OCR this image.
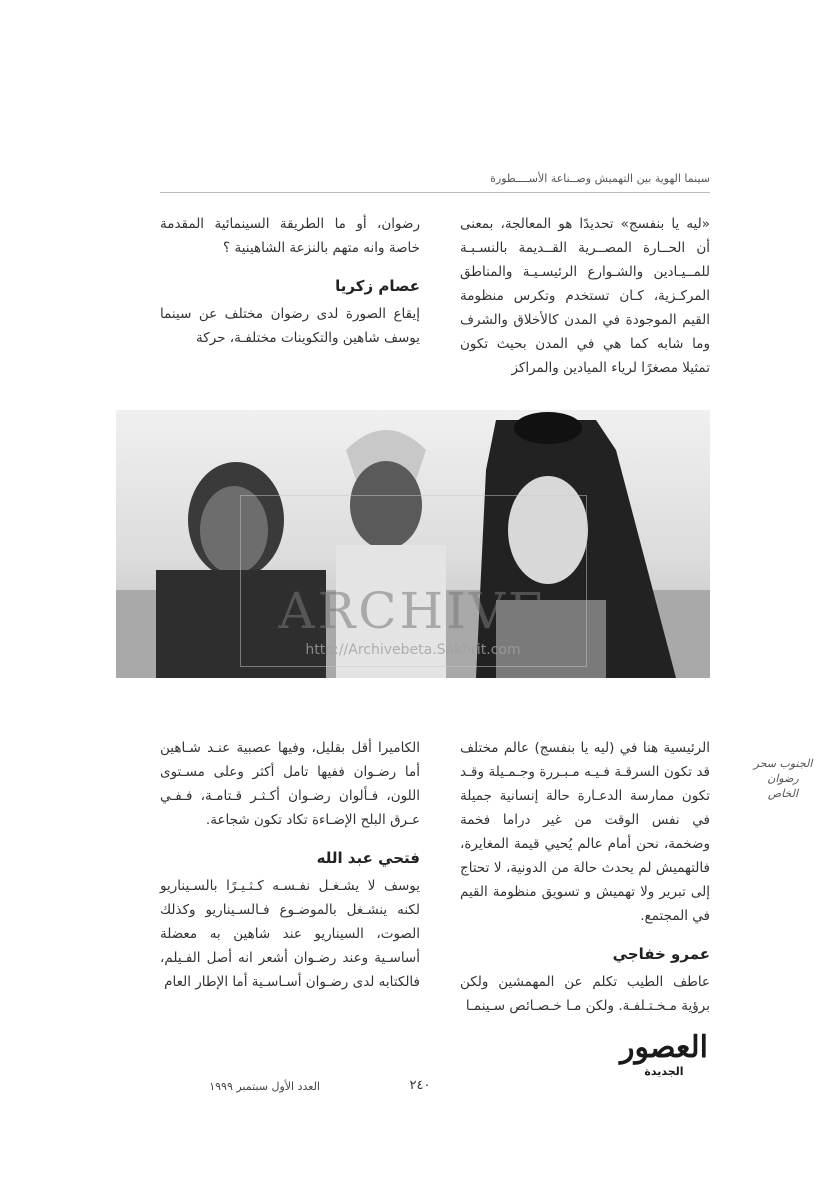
سينما الهوية بين التهميش وصــناعة الأســــطورة

«ليه يا بنفسج» تحديدًا هو المعالجة، بمعنى أن الحــارة المصــرية القــديمة بالنسـبـة للمــيـادين والشـوارع الرئيسـيـة والمناطق المركـزية، كـان تستخدم وتكرس منظومة القيم الموجودة في المدن كالأخلاق والشرف وما شابه كما هي في المدن بحيث تكون تمثيلا مصغرًا لرياء الميادين والمراكز

رضوان، أو ما الطريقة السينمائية المقدمة خاصة وانه متهم بالنزعة الشاهينية ؟

عصام زكريا

إيقاع الصورة لدى رضوان مختلف عن سينما يوسف شاهين والتكوينات مختلفـة، حركة

ARCHIVE
http://Archivebeta.Sakhrit.com
الجنوب سحر رضوان الخاص

الرئيسية هنا في (ليه يا بنفسج) عالم مختلف قد تكون السرقـة فـيـه مـبـررة وجـمـيلة وقـد تكون ممارسة الدعـارة حالة إنسانية جميلة في نفس الوقت من غير دراما فخمة وضخمة، نحن أمام عالم يُحيي قيمة المغايرة، فالتهميش لم يحدث حالة من الدونية، لا تحتاج إلى تبرير ولا تهميش و تسويق منظومة القيم في المجتمع.

عمرو خفاجي

عاطف الطيب تكلم عن المهمشين ولكن برؤية مـخـتـلفـة. ولكن مـا خـصـائص سـينمـا

الكاميرا أقل بقليل، وفيها عصبية عنـد شـاهين أما رضـوان ففيها تامل أكثر وعلى مسـتوى اللون، فـألوان رضـوان أكـثـر قـتامـة، فـفـي عـرق البلح الإضـاءة تكاد تكون شجاعة.

فتحي عبد الله

يوسف لا يشـغـل نفـسـه كـثـيـرًا بالسـيناريو لكنه ينشـغل بالموضـوع فـالسـيناريو وكذلك الصوت، السيناريو عند شاهين به معضلة أساسـية وعند رضـوان أشعر انه أصل الفـيلم، فالكتابه لدى رضـوان أسـاسـية أما الإطار العام

العصور
الجديدة
٢٤٠
العدد الأول سبتمبر ١٩٩٩
